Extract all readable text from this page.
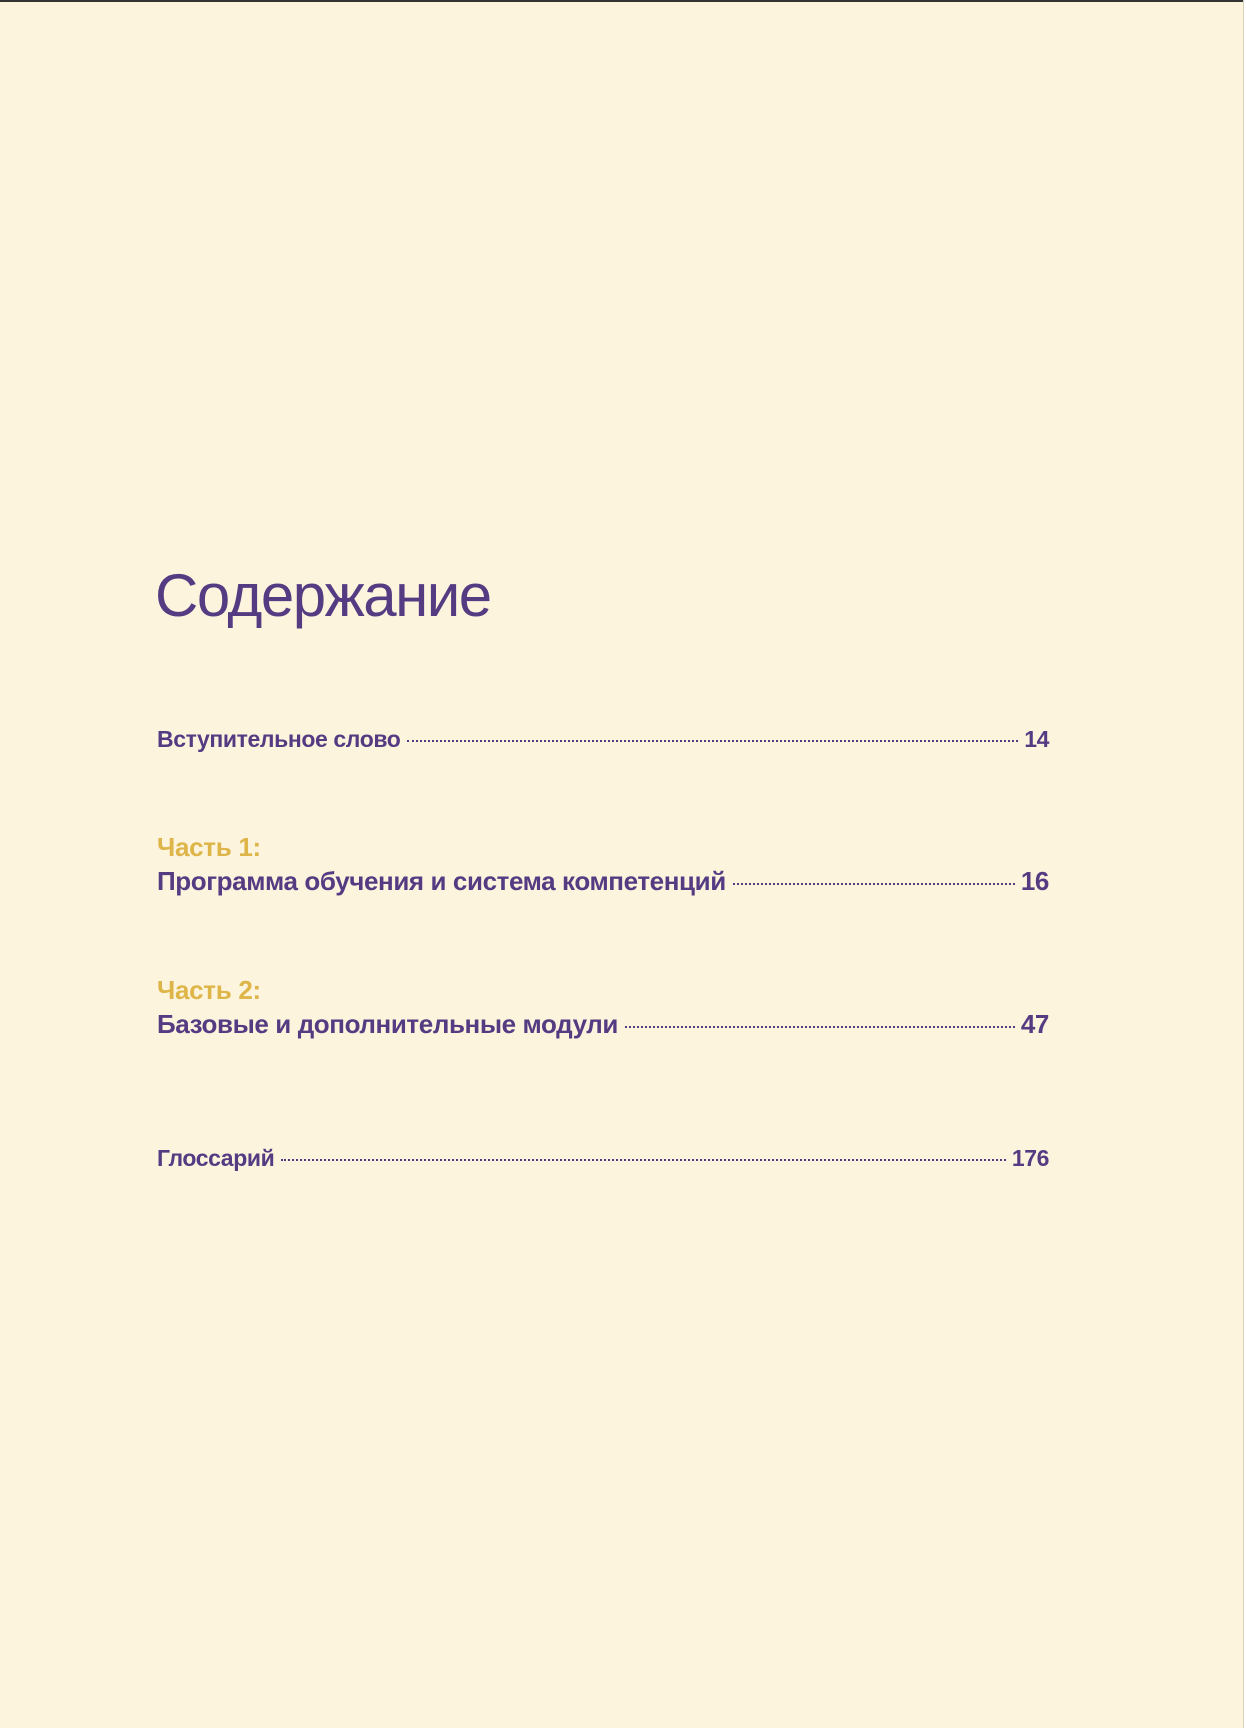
Содержание
Вступительное слово	14
Часть 1:
Программа обучения и система компетенций	16
Часть 2:
Базовые и дополнительные модули	47
Глоссарий	176
